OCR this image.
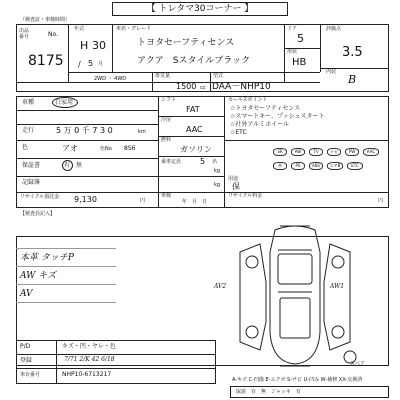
【 トレタマ30コーナー 】
（検査証・車検時間）
出品
番号	No.
8175
年式
H 30
/ 5 月
車名・グレード
トヨタセーフティセンス
アクア　Sスタイルブラック
ドア
5
形状
HB
評価点
3.5
内装
B
2WD ・ 4WD	排気量
1500 cc
型式
DAA－NHP10
車種	白家用
走行	5 万 0 千 7 3 0	km
色	アオ	色No 8S6
保証書	有　無
記録簿
リサイクル預託金 9,130	円
シフト
FAT
冷房
AAC
燃料
ガソリン
乗車定員 5 名
kg
kg
車検
年　月　日
セールスポイント
☆トヨタセーフティセンス
☆スマートキー、プッシュスタート
☆社外アルミホイール
☆ETC
SR	AW	TV	ナビ	PW	AAC
革	PS	ABS	エアB	ETC
用途
保
リサイクル料金
円
【検査員記入】
本革 タッチP
AW キズ
AV
AV2	AW1
スペア
P/D	キズ・凹・ヤレ・色
登録	7/71 2/K 42 6/18
車台番号	NHP10-6713217
A-キズ C-凹傷 E-エクボ S-サビ U-凹み W-補修 XX-交換済
取説　有　無　ジャッキ　有
